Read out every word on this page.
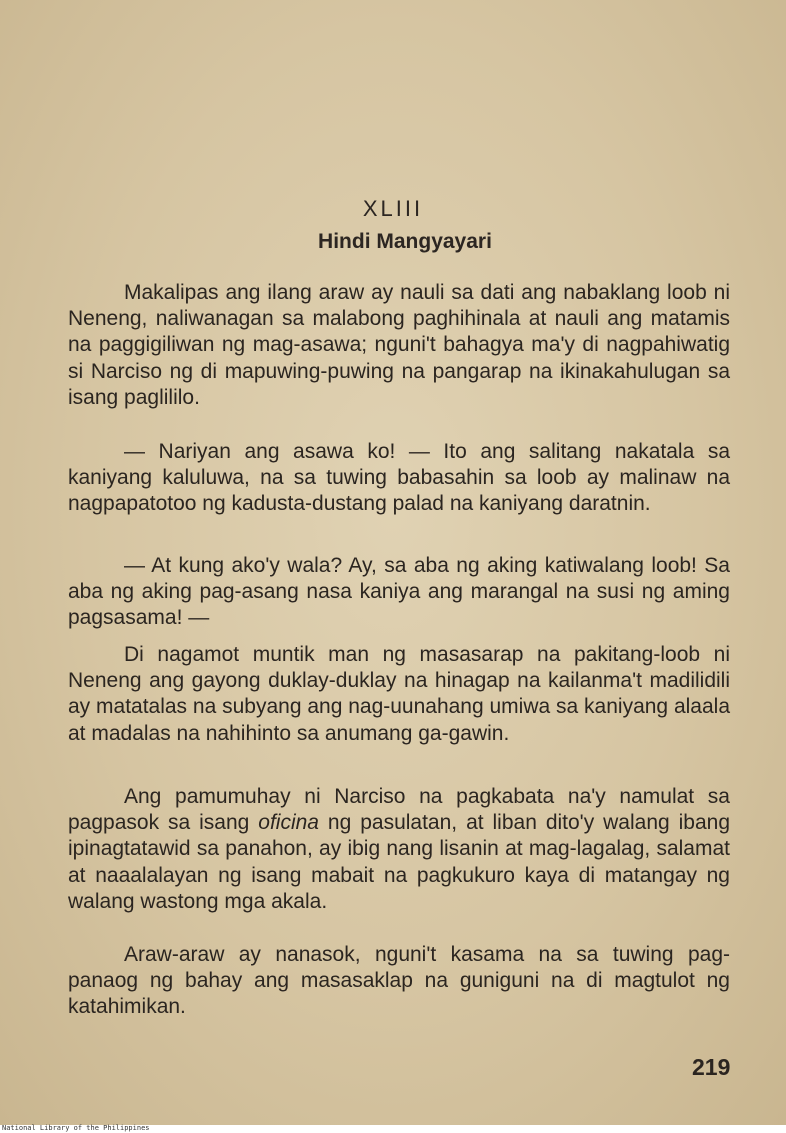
XLIII
Hindi Mangyayari

Makalipas ang ilang araw ay nauli sa dati ang nabaklang loob ni Neneng, naliwanagan sa malabong paghihinala at nauli ang matamis na paggigiliwan ng mag-asawa; nguni't bahagya ma'y di nagpahiwatig si Narciso ng di mapuwing-puwing na pangarap na ikinakahulugan sa isang paglililo.

— Nariyan ang asawa ko! — Ito ang salitang nakatala sa kaniyang kaluluwa, na sa tuwing babasahin sa loob ay malinaw na nagpapatotoo ng kadusta-dustang palad na kaniyang daratnin.

— At kung ako'y wala? Ay, sa aba ng aking katiwalang loob! Sa aba ng aking pag-asang nasa kaniya ang marangal na susi ng aming pagsasama! —

Di nagamot muntik man ng masasarap na pakitang-loob ni Neneng ang gayong duklay-duklay na hinagap na kailanma't madilidili ay matatalas na subyang ang nag-uunahang umiwa sa kaniyang alaala at madalas na nahihinto sa anumang ga-gawin.

Ang pamumuhay ni Narciso na pagkabata na'y namulat sa pagpasok sa isang oficina ng pasulatan, at liban dito'y walang ibang ipinagtatawid sa panahon, ay ibig nang lisanin at mag-lagalag, salamat at naaalalayan ng isang mabait na pagkukuro kaya di matangay ng walang wastong mga akala.

Araw-araw ay nanasok, nguni't kasama na sa tuwing pag-panaog ng bahay ang masasaklap na guniguni na di magtulot ng katahimikan.

219
National Library of the Philippines
